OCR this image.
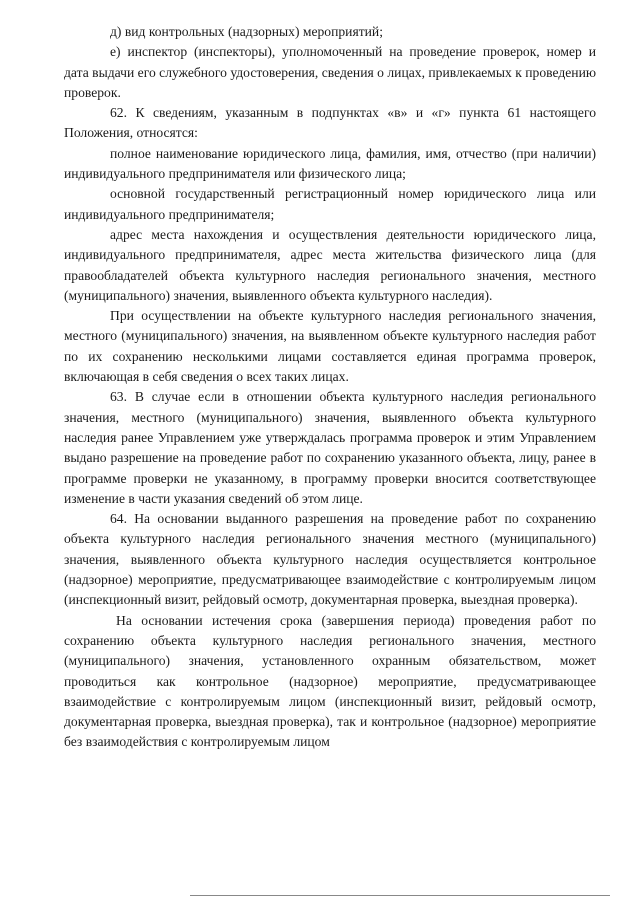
д) вид контрольных (надзорных) мероприятий;

е) инспектор (инспекторы), уполномоченный на проведение проверок, номер и дата выдачи его служебного удостоверения, сведения о лицах, привлекаемых к проведению проверок.

62. К сведениям, указанным в подпунктах «в» и «г» пункта 61 настоящего Положения, относятся:

полное наименование юридического лица, фамилия, имя, отчество (при наличии) индивидуального предпринимателя или физического лица;

основной государственный регистрационный номер юридического лица или индивидуального предпринимателя;

адрес места нахождения и осуществления деятельности юридического лица, индивидуального предпринимателя, адрес места жительства физического лица (для правообладателей объекта культурного наследия регионального значения, местного (муниципального) значения, выявленного объекта культурного наследия).

При осуществлении на объекте культурного наследия регионального значения, местного (муниципального) значения, на выявленном объекте культурного наследия работ по их сохранению несколькими лицами составляется единая программа проверок, включающая в себя сведения о всех таких лицах.

63. В случае если в отношении объекта культурного наследия регионального значения, местного (муниципального) значения, выявленного объекта культурного наследия ранее Управлением уже утверждалась программа проверок и этим Управлением выдано разрешение на проведение работ по сохранению указанного объекта, лицу, ранее в программе проверки не указанному, в программу проверки вносится соответствующее изменение в части указания сведений об этом лице.

64. На основании выданного разрешения на проведение работ по сохранению объекта культурного наследия регионального значения местного (муниципального) значения, выявленного объекта культурного наследия осуществляется контрольное (надзорное) мероприятие, предусматривающее взаимодействие с контролируемым лицом (инспекционный визит, рейдовый осмотр, документарная проверка, выездная проверка).

На основании истечения срока (завершения периода) проведения работ по сохранению объекта культурного наследия регионального значения, местного (муниципального) значения, установленного охранным обязательством, может проводиться как контрольное (надзорное) мероприятие, предусматривающее взаимодействие с контролируемым лицом (инспекционный визит, рейдовый осмотр, документарная проверка, выездная проверка), так и контрольное (надзорное) мероприятие без взаимодействия с контролируемым лицом
